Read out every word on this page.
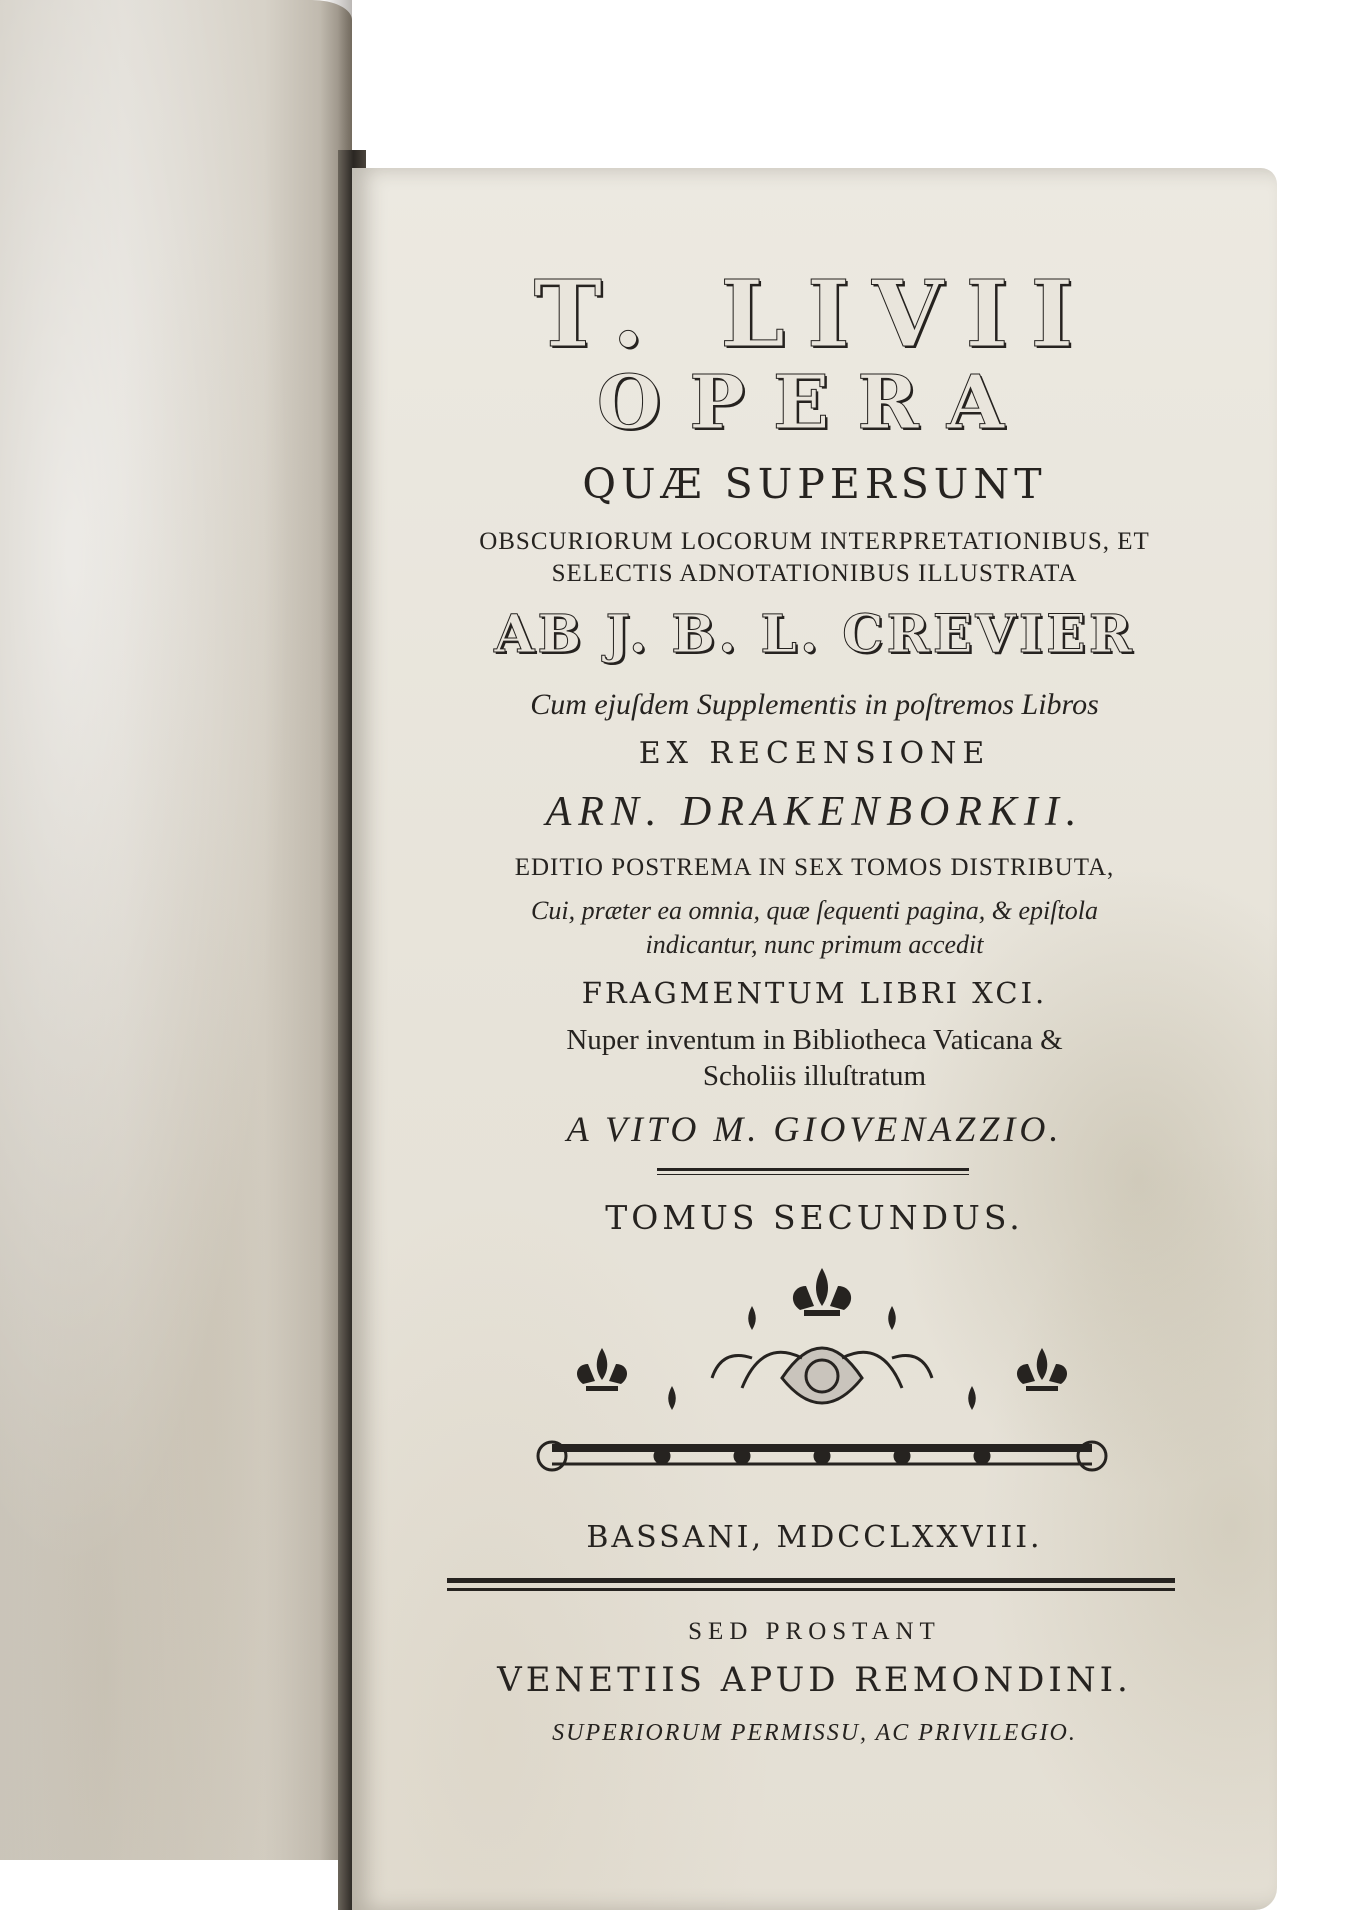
T. LIVII
OPERA
QUÆ SUPERSUNT
OBSCURIORUM LOCORUM INTERPRETATIONIBUS, ET
SELECTIS ADNOTATIONIBUS ILLUSTRATA
AB J. B. L. CREVIER
Cum ejuſdem Supplementis in poſtremos Libros
EX RECENSIONE
ARN. DRAKENBORKII.
EDITIO POSTREMA IN SEX TOMOS DISTRIBUTA,
Cui, præter ea omnia, quæ ſequenti pagina, & epiſtola
indicantur, nunc primum accedit
FRAGMENTUM LIBRI XCI.
Nuper inventum in Bibliotheca Vaticana &
Scholiis illuſtratum
A VITO M. GIOVENAZZIO.
TOMUS SECUNDUS.
BASSANI, MDCCLXXVIII.
SED PROSTANT
VENETIIS APUD REMONDINI.
SUPERIORUM PERMISSU, AC PRIVILEGIO.
